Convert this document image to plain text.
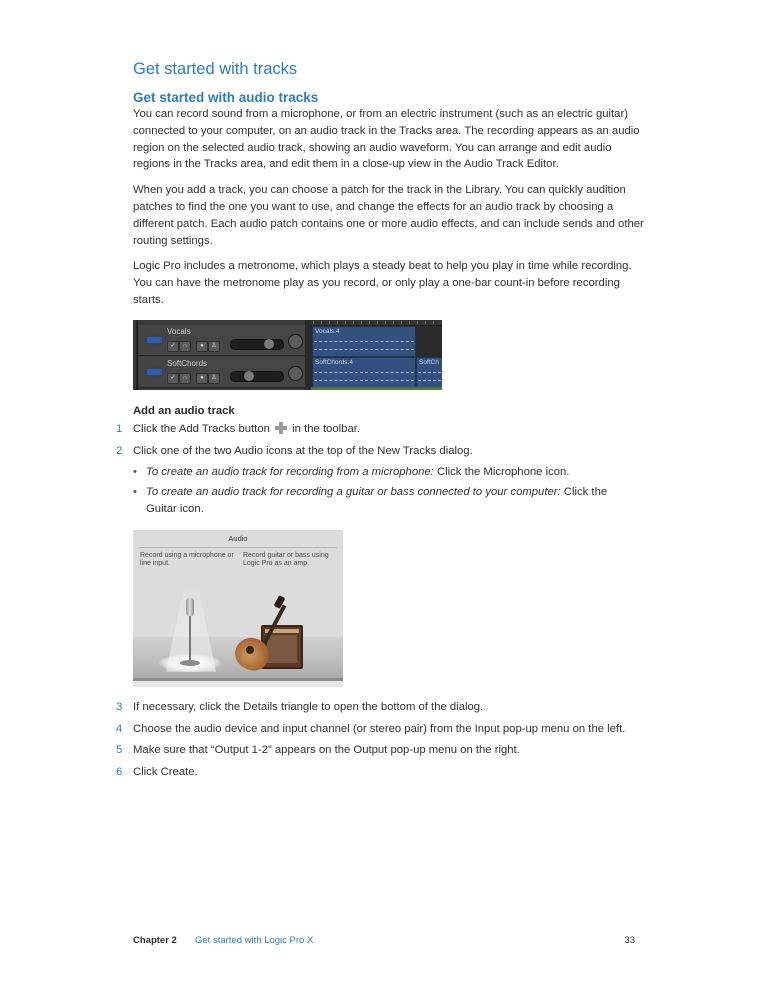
Get started with tracks
Get started with audio tracks
You can record sound from a microphone, or from an electric instrument (such as an electric guitar) connected to your computer, on an audio track in the Tracks area. The recording appears as an audio region on the selected audio track, showing an audio waveform. You can arrange and edit audio regions in the Tracks area, and edit them in a close-up view in the Audio Track Editor.
When you add a track, you can choose a patch for the track in the Library. You can quickly audition patches to find the one you want to use, and change the effects for an audio track by choosing a different patch. Each audio patch contains one or more audio effects, and can include sends and other routing settings.
Logic Pro includes a metronome, which plays a steady beat to help you play in time while recording. You can have the metronome play as you record, or only play a one-bar count-in before recording starts.
Vocals
✓	∩	●	♙
SoftChords
✓	∩	●	♙
Vocals.4
SoftChords.4	SoftCh
Add an audio track
1 Click the Add Tracks button in the toolbar.
2 Click one of the two Audio icons at the top of the New Tracks dialog.
• To create an audio track for recording from a microphone: Click the Microphone icon.
• To create an audio track for recording a guitar or bass connected to your computer: Click the Guitar icon.
Audio
Record using a microphone or line input.
Record guitar or bass using Logic Pro as an amp.
3 If necessary, click the Details triangle to open the bottom of the dialog.
4 Choose the audio device and input channel (or stereo pair) from the Input pop-up menu on the left.
5 Make sure that “Output 1-2” appears on the Output pop-up menu on the right.
6 Click Create.
Chapter 2 Get started with Logic Pro X	33
